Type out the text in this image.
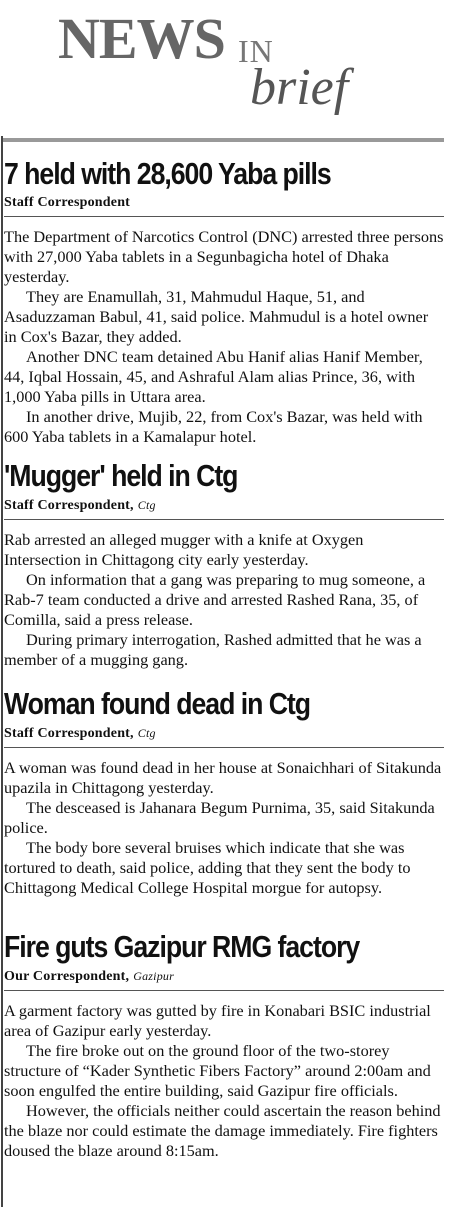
NEWS IN
brief
7 held with 28,600 Yaba pills
Staff Correspondent

The Department of Narcotics Control (DNC) arrested three persons with 27,000 Yaba tablets in a Segunbagicha hotel of Dhaka yesterday.

They are Enamullah, 31, Mahmudul Haque, 51, and Asaduzzaman Babul, 41, said police. Mahmudul is a hotel owner in Cox's Bazar, they added.

Another DNC team detained Abu Hanif alias Hanif Member, 44, Iqbal Hossain, 45, and Ashraful Alam alias Prince, 36, with 1,000 Yaba pills in Uttara area.

In another drive, Mujib, 22, from Cox's Bazar, was held with 600 Yaba tablets in a Kamalapur hotel.

'Mugger' held in Ctg
Staff Correspondent, Ctg

Rab arrested an alleged mugger with a knife at Oxygen Intersection in Chittagong city early yesterday.

On information that a gang was preparing to mug someone, a Rab-7 team conducted a drive and arrested Rashed Rana, 35, of Comilla, said a press release.

During primary interrogation, Rashed admitted that he was a member of a mugging gang.

Woman found dead in Ctg
Staff Correspondent, Ctg

A woman was found dead in her house at Sonaichhari of Sitakunda upazila in Chittagong yesterday.

The desceased is Jahanara Begum Purnima, 35, said Sitakunda police.

The body bore several bruises which indicate that she was tortured to death, said police, adding that they sent the body to Chittagong Medical College Hospital morgue for autopsy.

Fire guts Gazipur RMG factory
Our Correspondent, Gazipur

A garment factory was gutted by fire in Konabari BSIC industrial area of Gazipur early yesterday.

The fire broke out on the ground floor of the two-storey structure of “Kader Synthetic Fibers Factory” around 2:00am and soon engulfed the entire building, said Gazipur fire officials.

However, the officials neither could ascertain the reason behind the blaze nor could estimate the damage immediately. Fire fighters doused the blaze around 8:15am.
